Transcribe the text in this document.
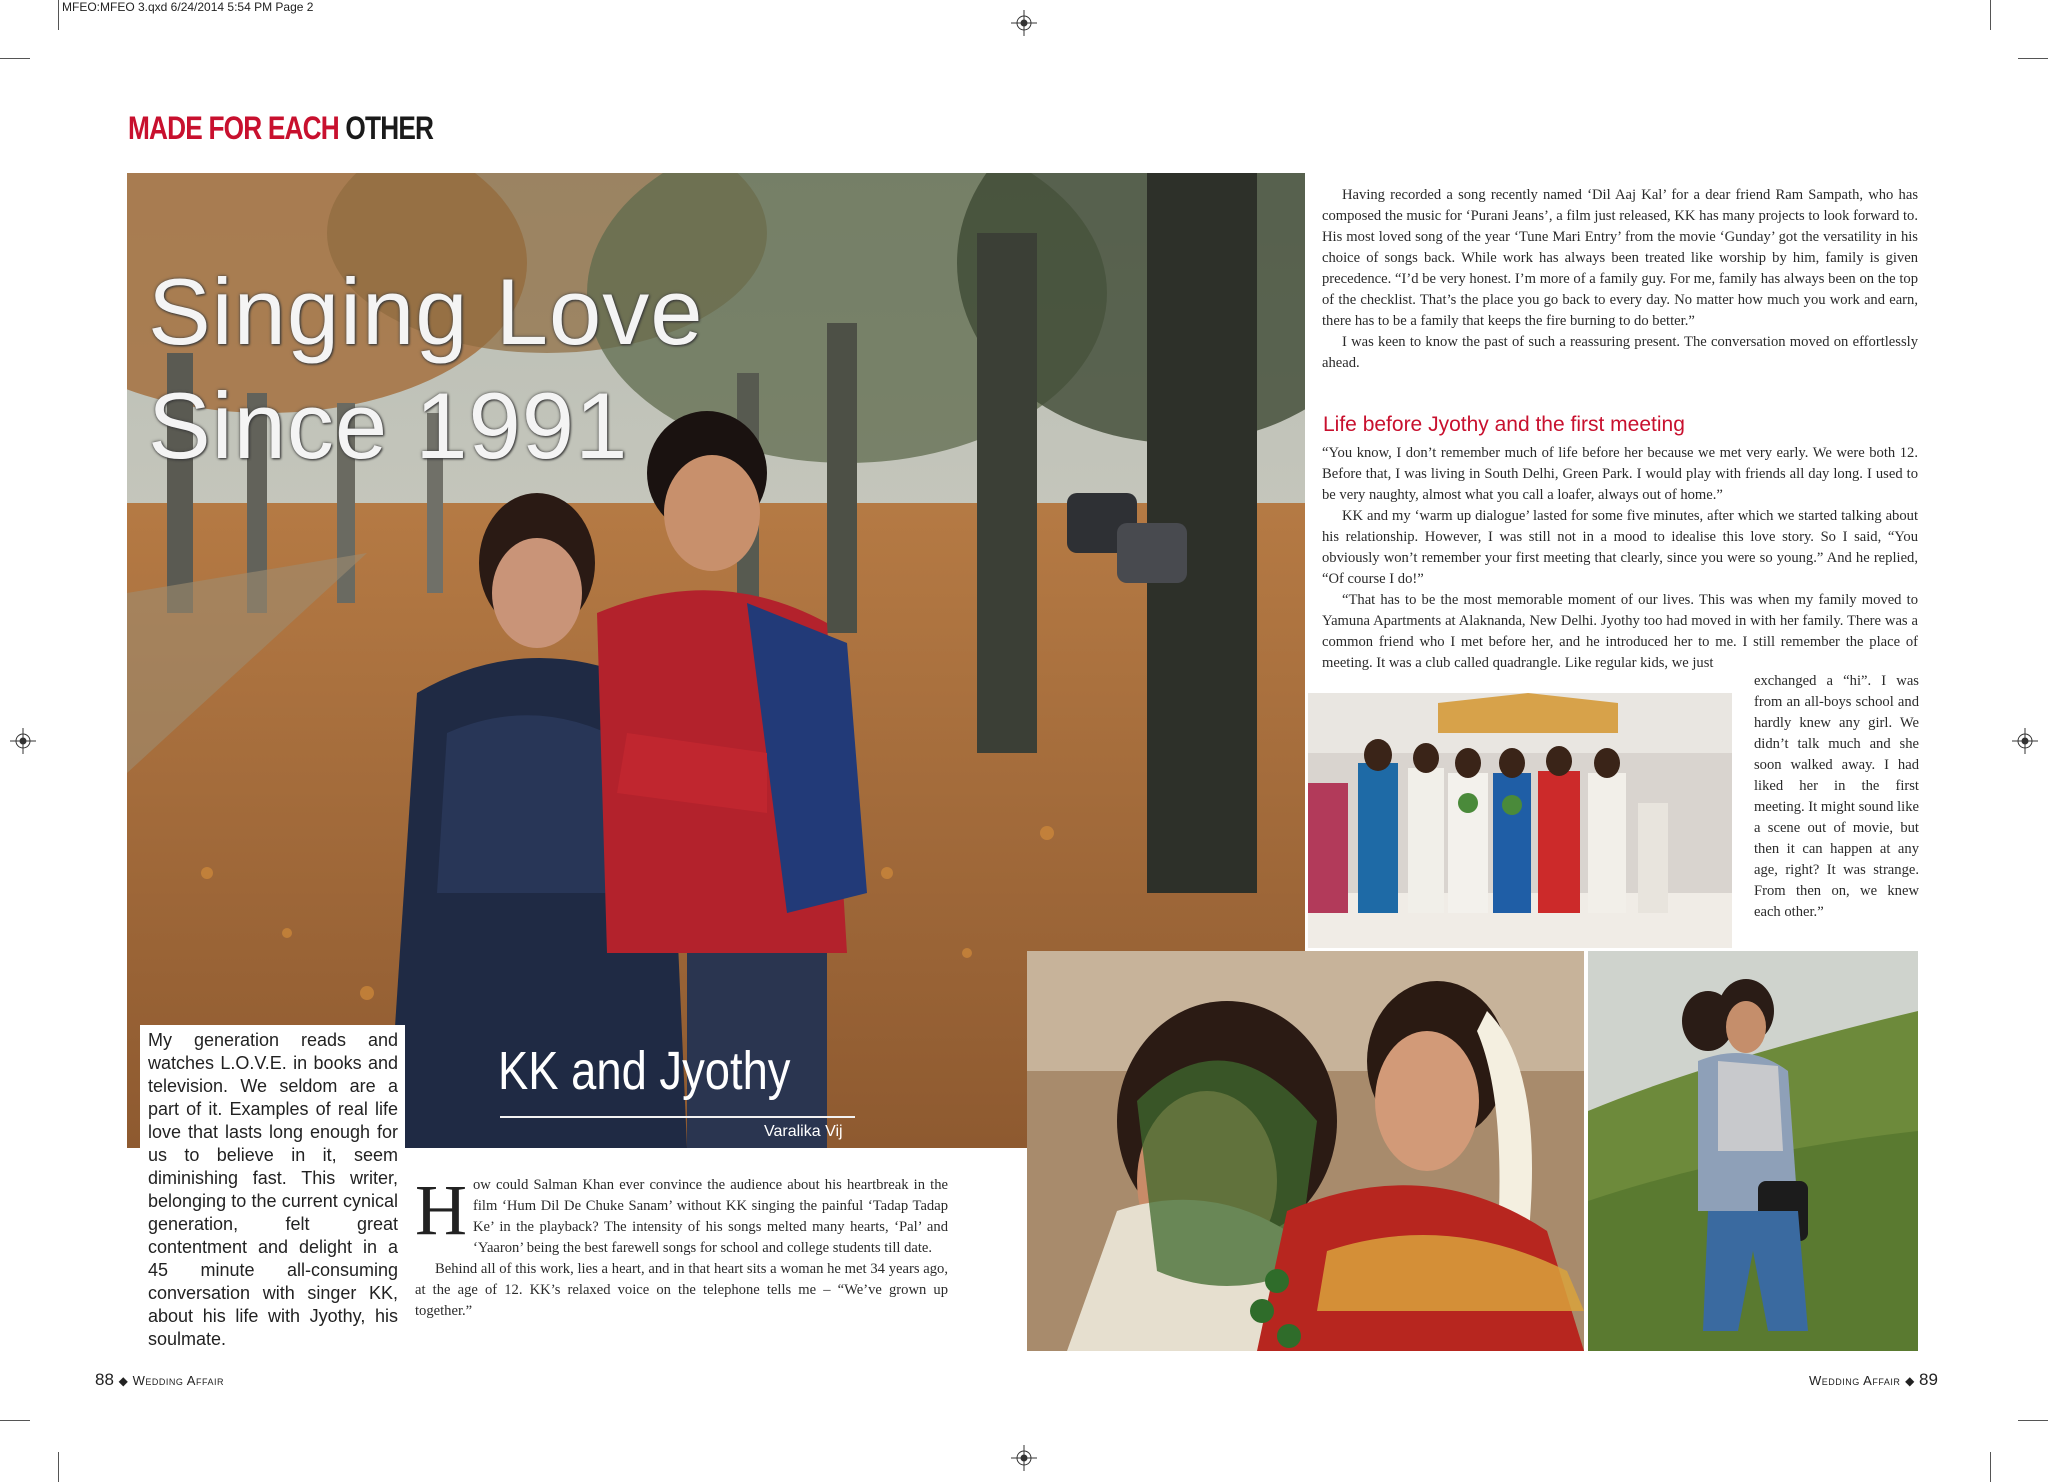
MFEO:MFEO 3.qxd 6/24/2014 5:54 PM Page 2
MADE FOR EACH OTHER
Singing Love
Since 1991
KK and Jyothy
Varalika Vij
My generation reads and watches L.O.V.E. in books and television. We seldom are a part of it. Examples of real life love that lasts long enough for us to believe in it, seem diminishing fast. This writer, belonging to the current cynical generation, felt great contentment and delight in a 45 minute all-consuming conversation with singer KK, about his life with Jyothy, his soulmate.
H ow could Salman Khan ever convince the audience about his heartbreak in the film ‘Hum Dil De Chuke Sanam’ without KK singing the painful ‘Tadap Tadap Ke’ in the playback? The intensity of his songs melted many hearts, ‘Pal’ and ‘Yaaron’ being the best farewell songs for school and college students till date.

Behind all of this work, lies a heart, and in that heart sits a woman he met 34 years ago, at the age of 12. KK’s relaxed voice on the telephone tells me – “We’ve grown up together.”

Having recorded a song recently named ‘Dil Aaj Kal’ for a dear friend Ram Sampath, who has composed the music for ‘Purani Jeans’, a film just released, KK has many projects to look forward to. His most loved song of the year ‘Tune Mari Entry’ from the movie ‘Gunday’ got the versatility in his choice of songs back. While work has always been treated like worship by him, family is given precedence. “I’d be very honest. I’m more of a family guy. For me, family has always been on the top of the checklist. That’s the place you go back to every day. No matter how much you work and earn, there has to be a family that keeps the fire burning to do better.”

I was keen to know the past of such a reassuring present. The conversation moved on effortlessly ahead.

Life before Jyothy and the first meeting

“You know, I don’t remember much of life before her because we met very early. We were both 12. Before that, I was living in South Delhi, Green Park. I would play with friends all day long. I used to be very naughty, almost what you call a loafer, always out of home.”

KK and my ‘warm up dialogue’ lasted for some five minutes, after which we started talking about his relationship. However, I was still not in a mood to idealise this love story. So I said, “You obviously won’t remember your first meeting that clearly, since you were so young.” And he replied, “Of course I do!”

“That has to be the most memorable moment of our lives. This was when my family moved to Yamuna Apartments at Alaknanda, New Delhi. Jyothy too had moved in with her family. There was a common friend who I met before her, and he introduced her to me. I still remember the place of meeting. It was a club called quadrangle. Like regular kids, we just

exchanged a “hi”. I was from an all-boys school and hardly knew any girl. We didn’t talk much and she soon walked away. I had liked her in the first meeting. It might sound like a scene out of movie, but then it can happen at any age, right? It was strange. From then on, we knew each other.”
88 ◆ Wedding Affair	Wedding Affair ◆ 89
